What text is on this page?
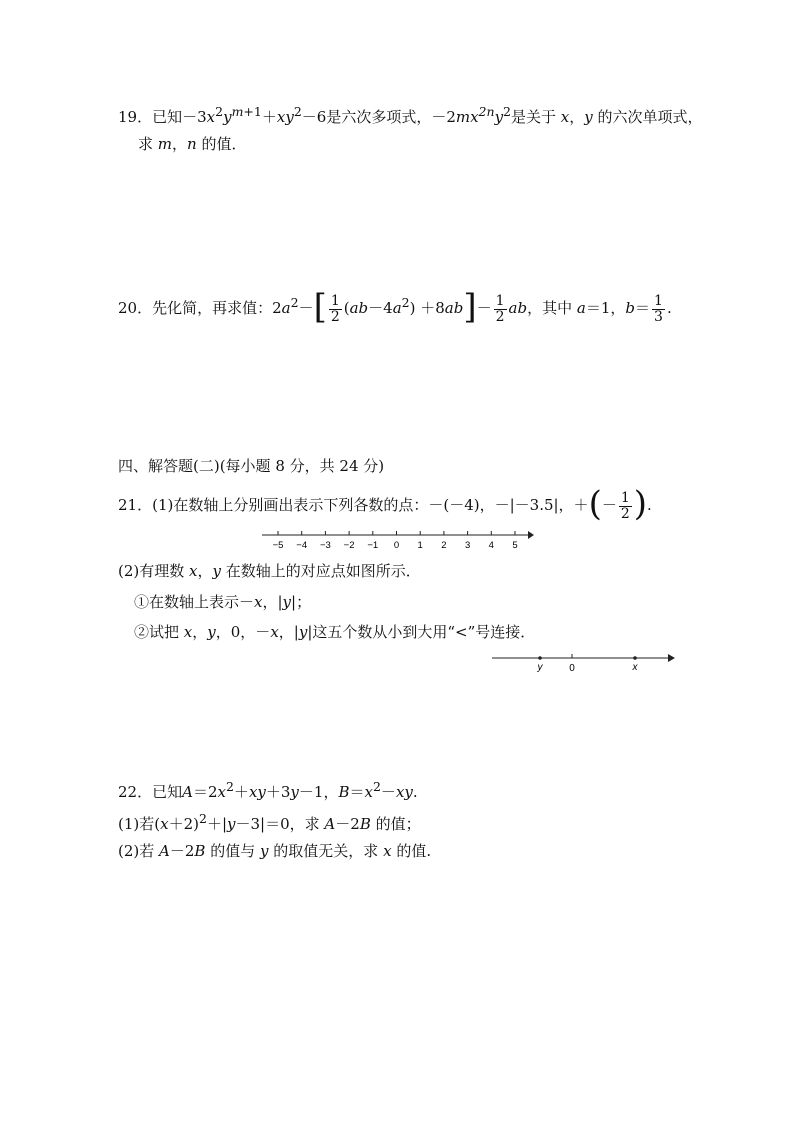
19．已知$-3x^2y^{m+1}+xy^2-6$是六次多项式，$-2mx^{2n}y^2$是关于 x，y 的六次单项式，
求 m，n 的值．
20．先化简，再求值：$2a^2-[ \frac{1}{2} (ab-4a^2) +8ab]- \frac{1}{2}$ ab，其中 a＝1，$b= \frac{1}{3}$ .
四、解答题(二)(每小题 8 分，共 24 分)
21．(1)在数轴上分别画出表示下列各数的点：－(－4)，－|－3.5|，＋(－ $\frac{1}{2}$ ).
−5 −4 −3 −2 −1 0 1 2 3 4 5
(2)有理数 x，y 在数轴上的对应点如图所示．
①在数轴上表示－x，|y|；
②试把 x，y，0，－x，|y|这五个数从小到大用“<”号连接．
y	0	x
22．已知$A=2x^2+xy+3y-1$，$B=x^2-xy$.
(1)若$(x+2)^2+|y-3|=0$，求 A－2B 的值；
(2)若 A－2B 的值与 y 的取值无关，求 x 的值.
